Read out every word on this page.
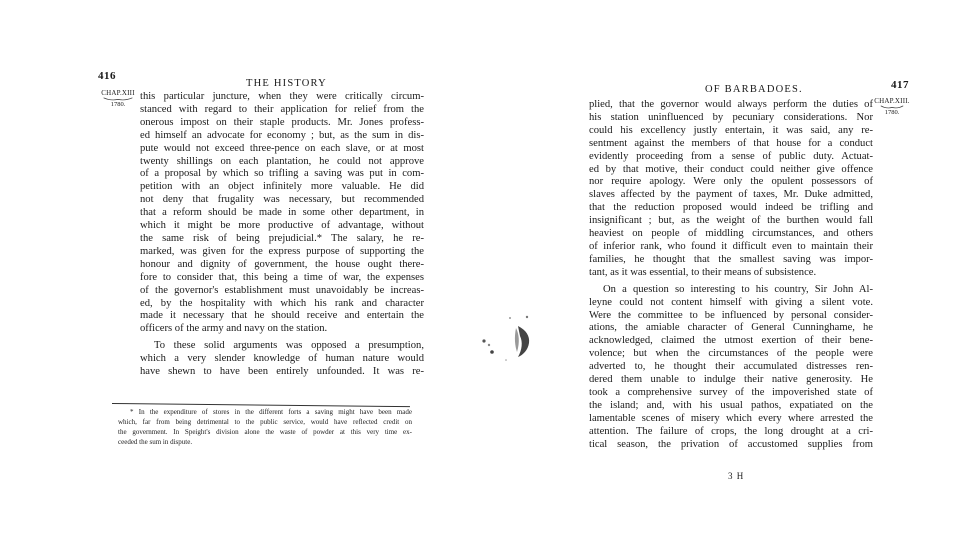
416
THE HISTORY
CHAP.XIII
1780.

this particular juncture, when they were critically circum-

stanced with regard to their application for relief from the

onerous impost on their staple products. Mr. Jones profess-

ed himself an advocate for economy ; but, as the sum in dis-

pute would not exceed three-pence on each slave, or at most

twenty shillings on each plantation, he could not approve

of a proposal by which so trifling a saving was put in com-

petition with an object infinitely more valuable. He did

not deny that frugality was necessary, but recommended

that a reform should be made in some other department, in

which it might be more productive of advantage, without

the same risk of being prejudicial.* The salary, he re-

marked, was given for the express purpose of supporting the

honour and dignity of government, the house ought there-

fore to consider that, this being a time of war, the expenses

of the governor's establishment must unavoidably be increas-

ed, by the hospitality with which his rank and character

made it necessary that he should receive and entertain the

officers of the army and navy on the station.

To these solid arguments was opposed a presumption,

which a very slender knowledge of human nature would

have shewn to have been entirely unfounded. It was re-

* In the expenditure of stores in the different forts a saving might have been made

which, far from being detrimental to the public service, would have reflected credit on

the government. In Speight's division alone the waste of powder at this very time ex-

ceeded the sum in dispute.

OF BARBADOES.	417
CHAP.XIII.
1780.

plied, that the governor would always perform the duties of

his station uninfluenced by pecuniary considerations. Nor

could his excellency justly entertain, it was said, any re-

sentment against the members of that house for a conduct

evidently proceeding from a sense of public duty. Actuat-

ed by that motive, their conduct could neither give offence

nor require apology. Were only the opulent possessors of

slaves affected by the payment of taxes, Mr. Duke admitted,

that the reduction proposed would indeed be trifling and

insignificant ; but, as the weight of the burthen would fall

heaviest on people of middling circumstances, and others

of inferior rank, who found it difficult even to maintain their

families, he thought that the smallest saving was impor-

tant, as it was essential, to their means of subsistence.

On a question so interesting to his country, Sir John Al-

leyne could not content himself with giving a silent vote.

Were the committee to be influenced by personal consider-

ations, the amiable character of General Cunninghame, he

acknowledged, claimed the utmost exertion of their bene-

volence; but when the circumstances of the people were

adverted to, he thought their accumulated distresses ren-

dered them unable to indulge their native generosity. He

took a comprehensive survey of the impoverished state of

the island; and, with his usual pathos, expatiated on the

lamentable scenes of misery which every where arrested the

attention. The failure of crops, the long drought at a cri-

tical season, the privation of accustomed supplies from

3 H
